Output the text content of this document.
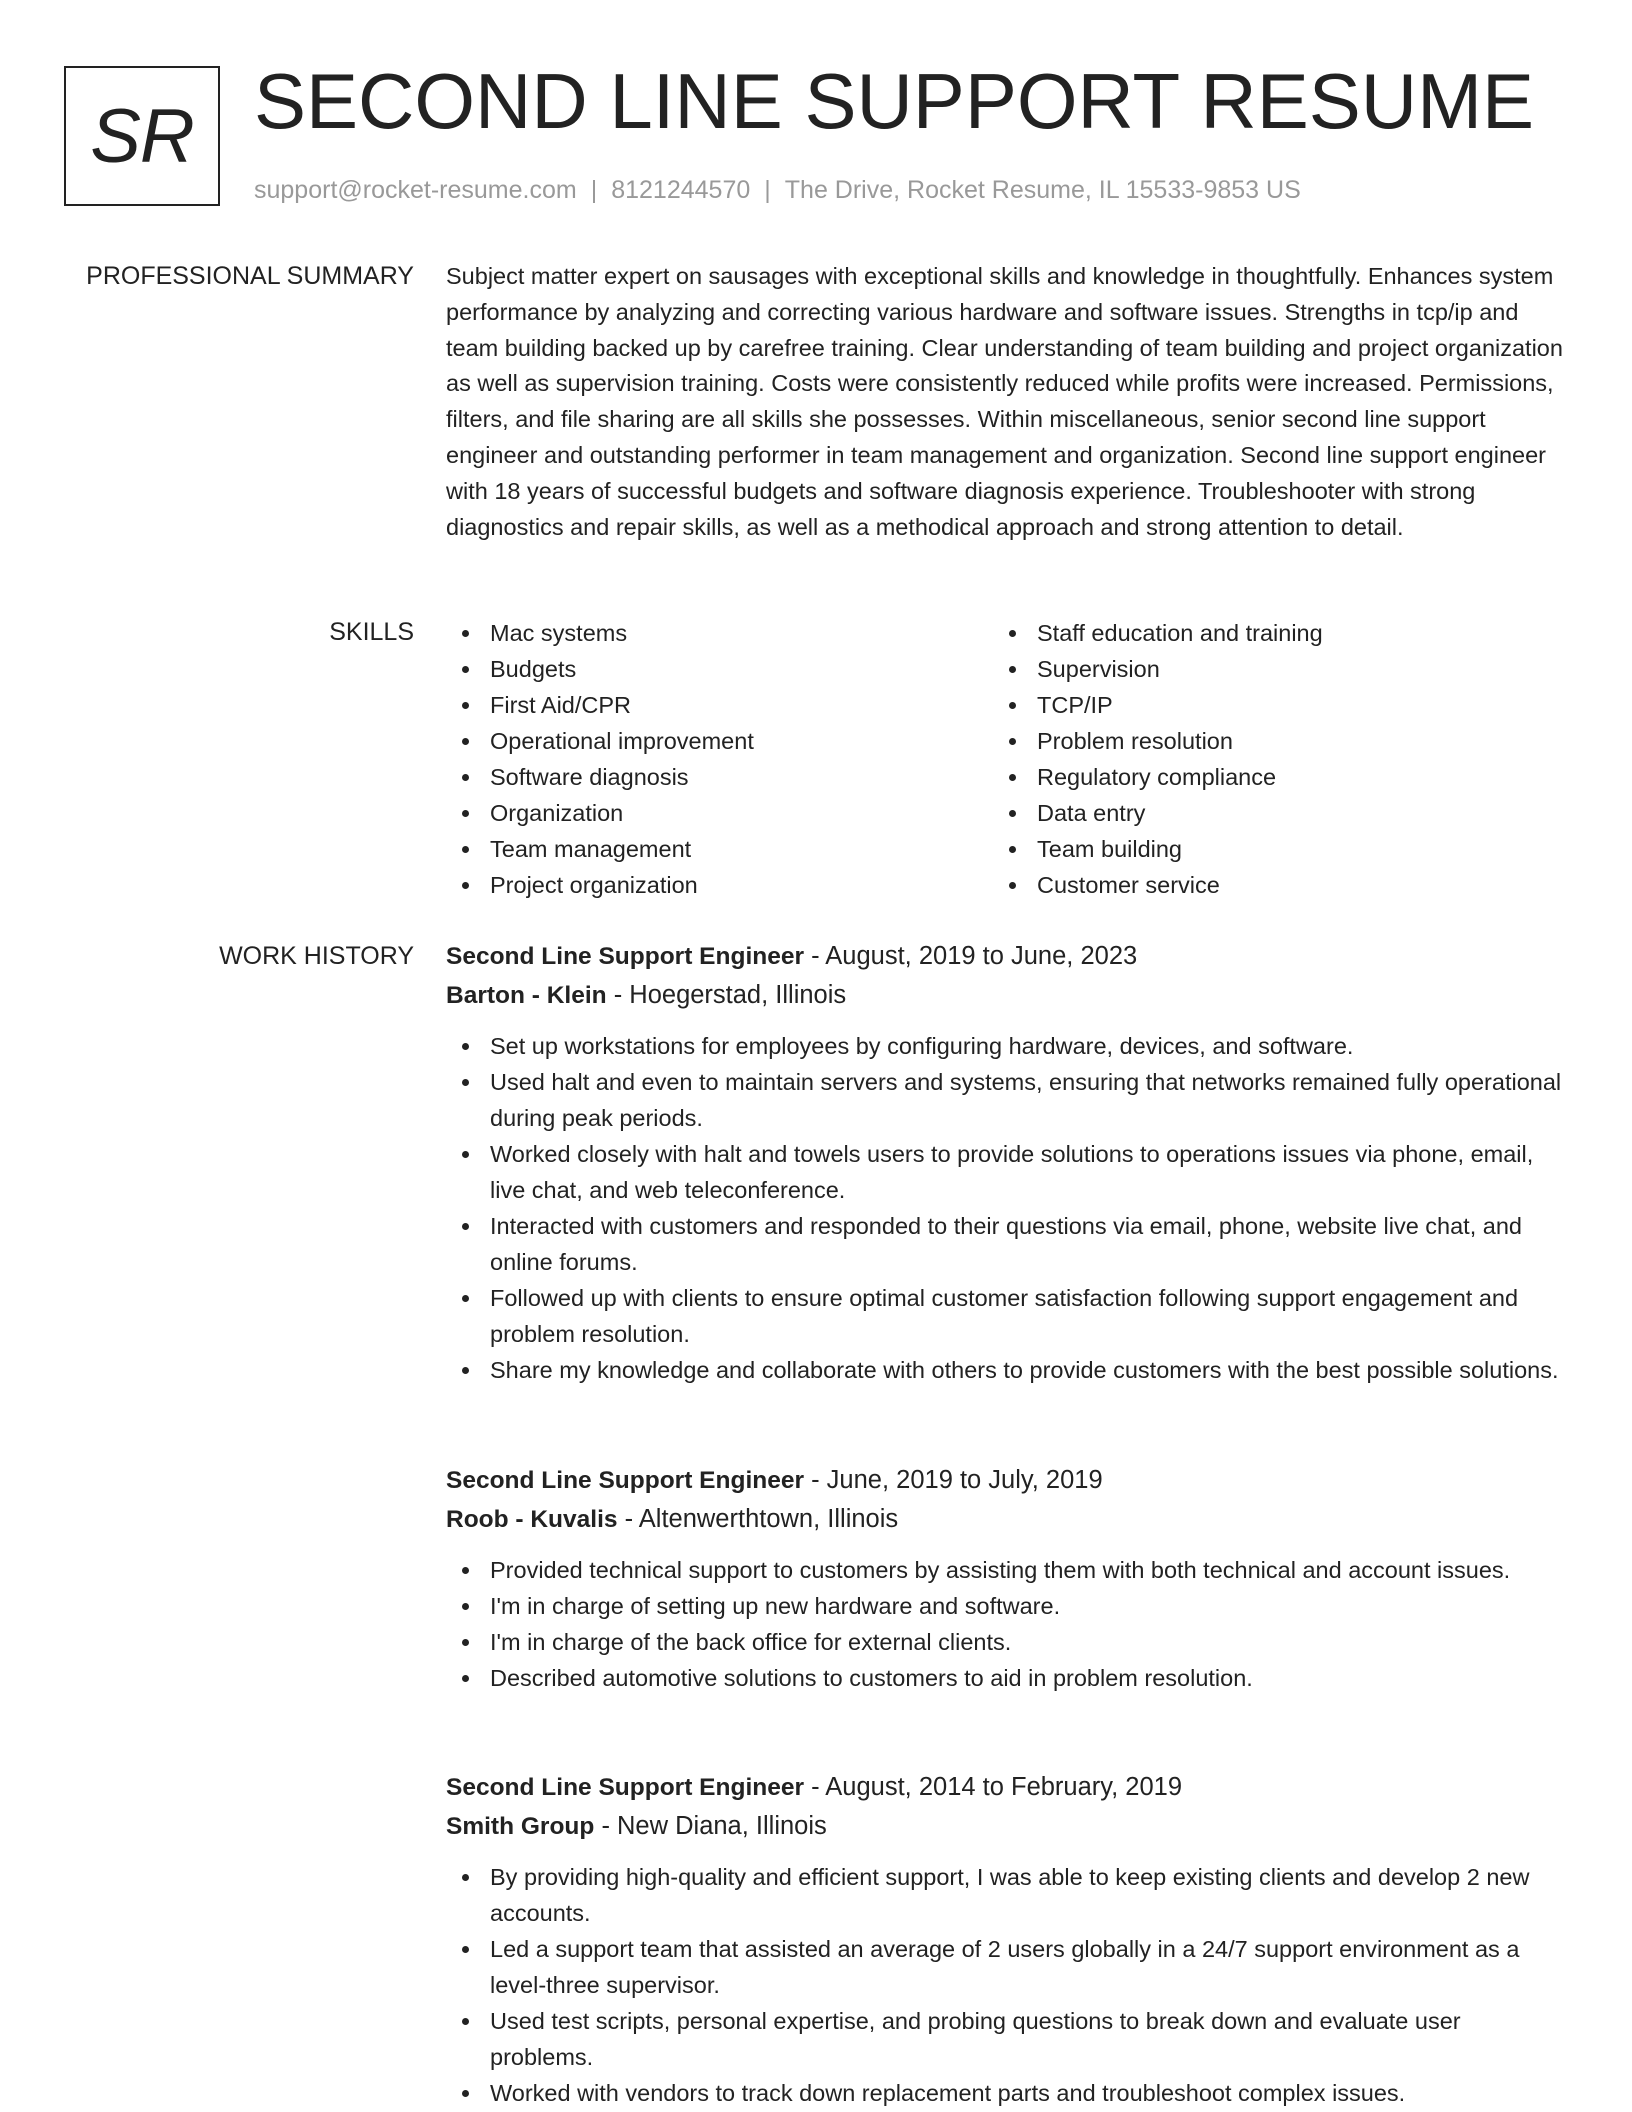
SR SECOND LINE SUPPORT RESUME
support@rocket-resume.com | 8121244570 | The Drive, Rocket Resume, IL 15533-9853 US
PROFESSIONAL SUMMARY Subject matter expert on sausages with exceptional skills and knowledge in thoughtfully. Enhances system performance by analyzing and correcting various hardware and software issues. Strengths in tcp/ip and team building backed up by carefree training. Clear understanding of team building and project organization as well as supervision training. Costs were consistently reduced while profits were increased. Permissions, filters, and file sharing are all skills she possesses. Within miscellaneous, senior second line support engineer and outstanding performer in team management and organization. Second line support engineer with 18 years of successful budgets and software diagnosis experience. Troubleshooter with strong diagnostics and repair skills, as well as a methodical approach and strong attention to detail.

SKILLS	Mac systems
Budgets
First Aid/CPR
Operational improvement
Software diagnosis
Organization
Team management
Project organization
Staff education and training
Supervision
TCP/IP
Problem resolution
Regulatory compliance
Data entry
Team building
Customer service
WORK HISTORY Second Line Support Engineer - August, 2019 to June, 2023
Barton - Klein - Hoegerstad, Illinois
Set up workstations for employees by configuring hardware, devices, and software.
Used halt and even to maintain servers and systems, ensuring that networks remained fully operational during peak periods.
Worked closely with halt and towels users to provide solutions to operations issues via phone, email, live chat, and web teleconference.
Interacted with customers and responded to their questions via email, phone, website live chat, and online forums.
Followed up with clients to ensure optimal customer satisfaction following support engagement and problem resolution.
Share my knowledge and collaborate with others to provide customers with the best possible solutions.
Second Line Support Engineer - June, 2019 to July, 2019
Roob - Kuvalis - Altenwerthtown, Illinois
Provided technical support to customers by assisting them with both technical and account issues.
I'm in charge of setting up new hardware and software.
I'm in charge of the back office for external clients.
Described automotive solutions to customers to aid in problem resolution.
Second Line Support Engineer - August, 2014 to February, 2019
Smith Group - New Diana, Illinois
By providing high-quality and efficient support, I was able to keep existing clients and develop 2 new accounts.
Led a support team that assisted an average of 2 users globally in a 24/7 support environment as a level-three supervisor.
Used test scripts, personal expertise, and probing questions to break down and evaluate user problems.
Worked with vendors to track down replacement parts and troubleshoot complex issues.
